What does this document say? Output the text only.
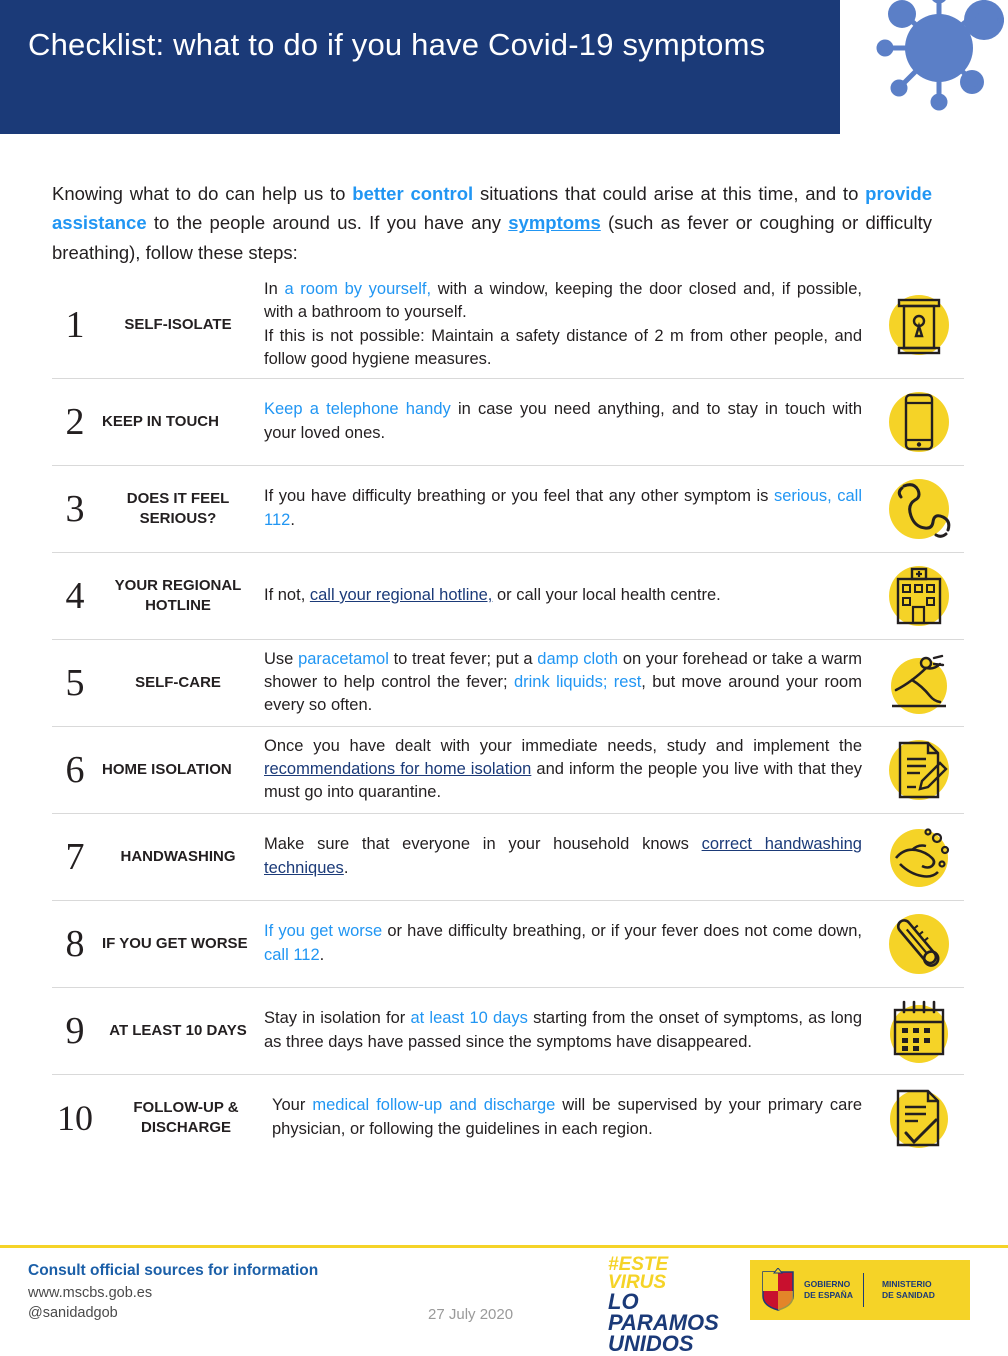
Checklist: what to do if you have Covid-19 symptoms

Knowing what to do can help us to better control situations that could arise at this time, and to provide assistance to the people around us. If you have any symptoms (such as fever or coughing or difficulty breathing), follow these steps:

1	SELF-ISOLATE
In a room by yourself, with a window, keeping the door closed and, if possible, with a bathroom to yourself.
If this is not possible: Maintain a safety distance of 2 m from other people, and follow good hygiene measures.
2	KEEP IN TOUCH
Keep a telephone handy in case you need anything, and to stay in touch with your loved ones.
3	DOES IT FEEL SERIOUS?
If you have difficulty breathing or you feel that any other symptom is serious, call 112.
4	YOUR REGIONAL HOTLINE
If not, call your regional hotline, or call your local health centre.
5	SELF-CARE
Use paracetamol to treat fever; put a damp cloth on your forehead or take a warm shower to help control the fever; drink liquids; rest, but move around your room every so often.
6	HOME ISOLATION
Once you have dealt with your immediate needs, study and implement the recommendations for home isolation and inform the people you live with that they must go into quarantine.
7	HANDWASHING
Make sure that everyone in your household knows correct handwashing techniques.
8	IF YOU GET WORSE
If you get worse or have difficulty breathing, or if your fever does not come down, call 112.
9	AT LEAST 10 DAYS
Stay in isolation for at least 10 days starting from the onset of symptoms, as long as three days have passed since the symptoms have disappeared.
10	FOLLOW-UP & DISCHARGE
Your medical follow-up and discharge will be supervised by your primary care physician, or following the guidelines in each region.
Consult official sources for information
www.mscbs.gob.es
@sanidadgob	27 July 2020
#ESTE
VIRUS
LO
PARAMOS
UNIDOS
GOBIERNO
DE ESPAÑA
MINISTERIO
DE SANIDAD
